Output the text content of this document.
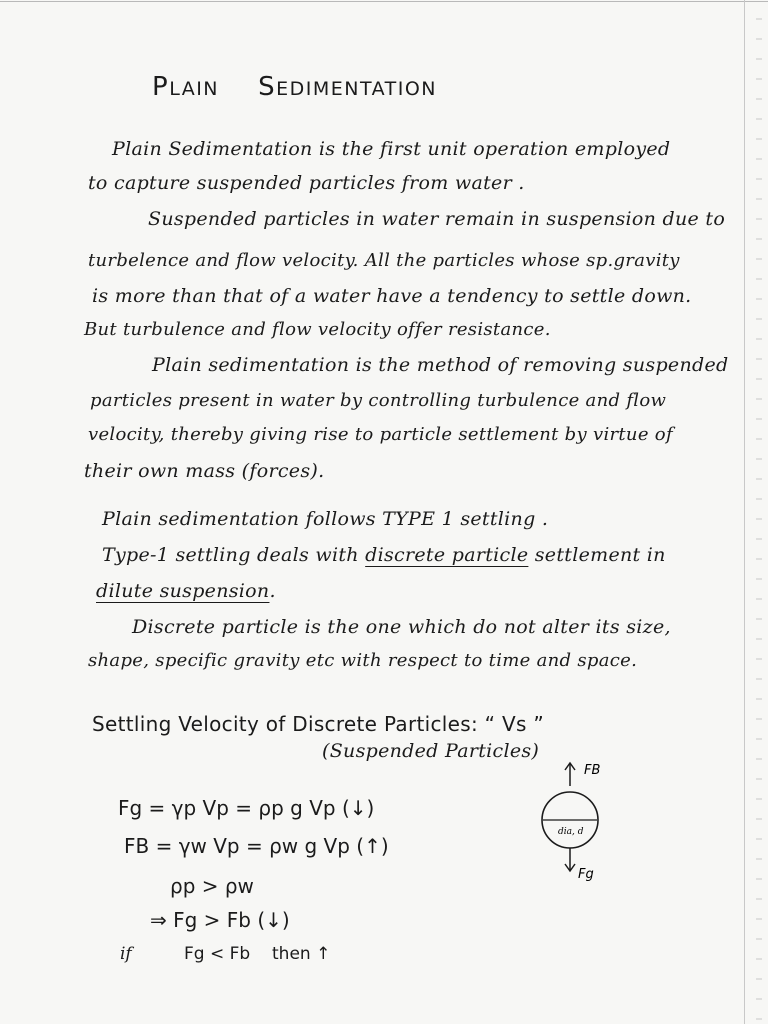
PLAIN SEDIMENTATION
Plain Sedimentation is the first unit operation employed
to capture suspended particles from water .
Suspended particles in water remain in suspension due to
turbelence and flow velocity. All the particles whose sp.gravity
is more than that of a water have a tendency to settle down.
But turbulence and flow velocity offer resistance.
Plain sedimentation is the method of removing suspended
particles present in water by controlling turbulence and flow
velocity, thereby giving rise to particle settlement by virtue of
their own mass (forces).
Plain sedimentation follows TYPE 1 settling .
Type-1 settling deals with discrete particle settlement in
dilute suspension.
Discrete particle is the one which do not alter its size,
shape, specific gravity etc with respect to time and space.
Settling Velocity of Discrete Particles: “ Vs ”
(Suspended Particles)
Fg = γp Vp = ρp g Vp (↓)
FB = γw Vp = ρw g Vp (↑)
ρp > ρw
⇒ Fg > Fb (↓)
if	Fg < Fb then ↑
FB
dia, d
Fg
